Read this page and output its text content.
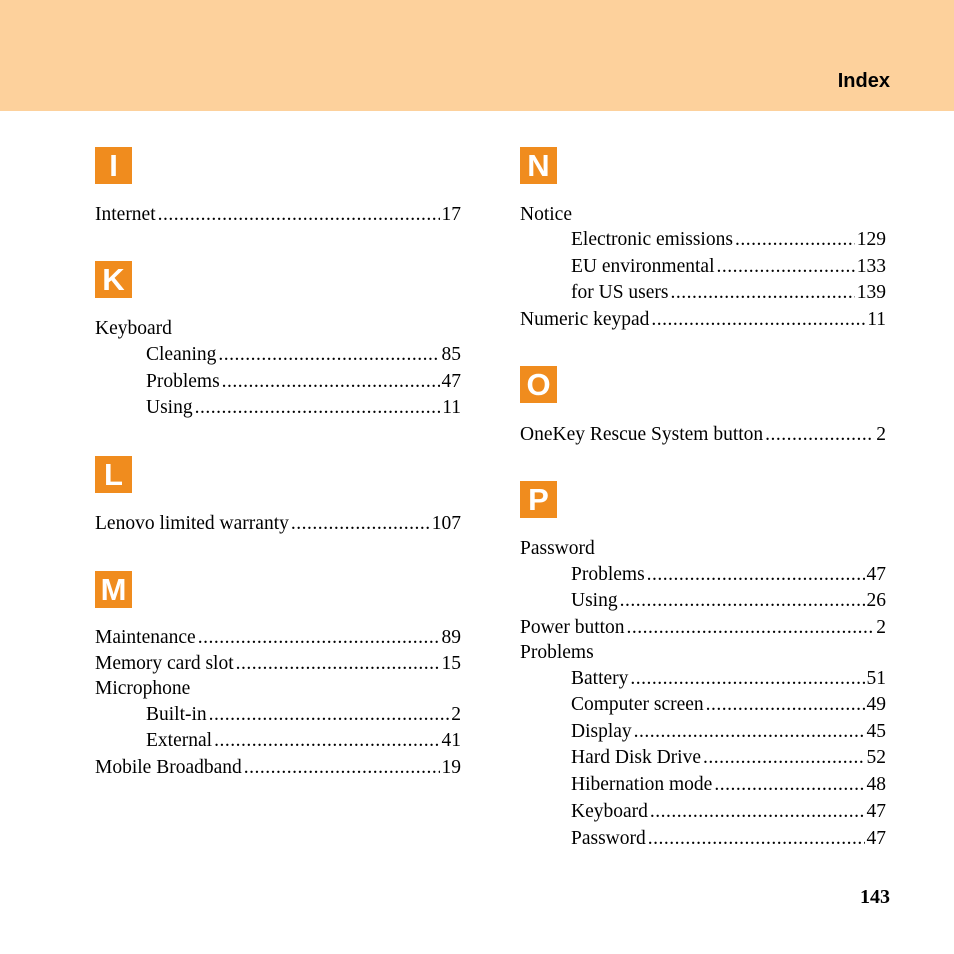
Index
I
Internet .....	17
K
Keyboard
Cleaning .....	85
Problems .....	47
Using .....	11
L
Lenovo limited warranty .....	107
M
Maintenance .....	89
Memory card slot .....	15
Microphone
Built-in .....	2
External .....	41
Mobile Broadband .....	19
N
Notice
Electronic emissions .....	129
EU environmental .....	133
for US users .....	139
Numeric keypad .....	11
O
OneKey Rescue System button .....	2
P
Password
Problems .....	47
Using .....	26
Power button .....	2
Problems
Battery .....	51
Computer screen .....	49
Display .....	45
Hard Disk Drive .....	52
Hibernation mode .....	48
Keyboard .....	47
Password .....	47
143
